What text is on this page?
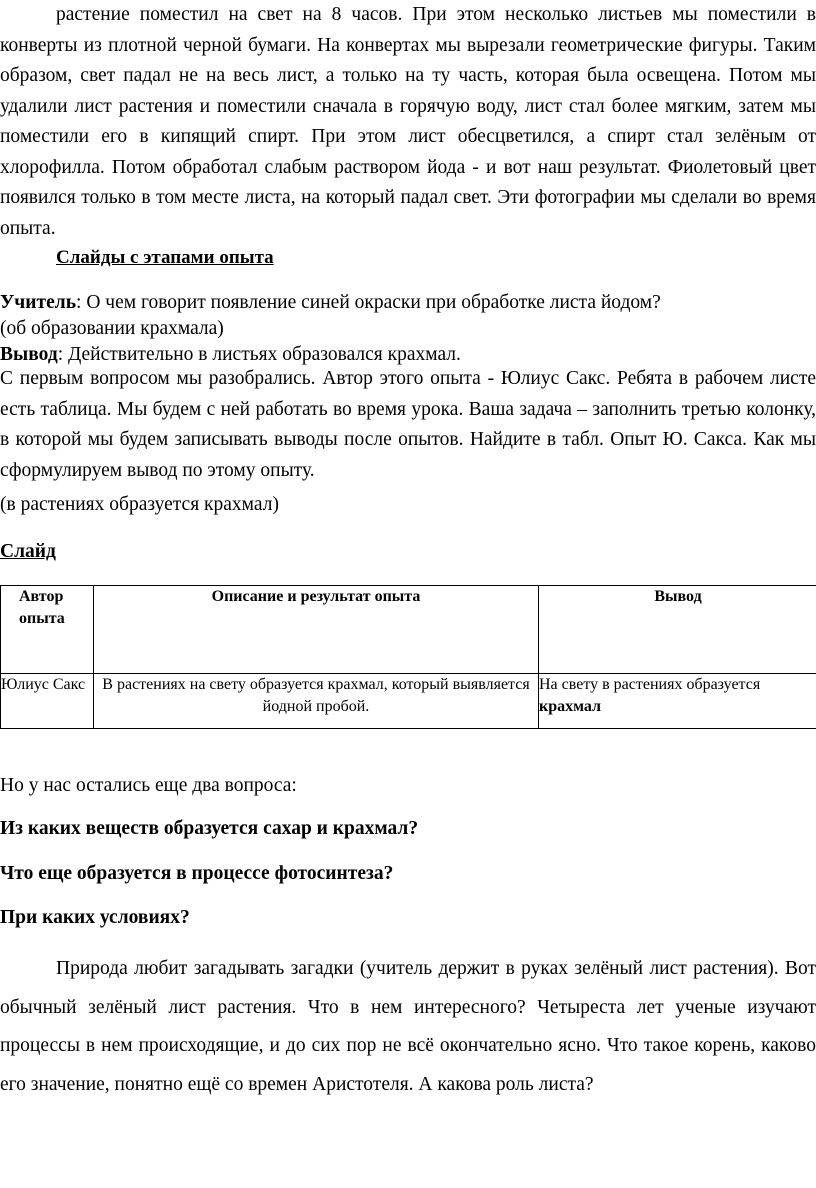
растение поместил на свет на 8 часов. При этом несколько листьев мы поместили в конверты из плотной черной бумаги. На конвертах мы вырезали геометрические фигуры. Таким образом, свет падал не на весь лист, а только на ту часть, которая была освещена. Потом мы удалили лист растения и поместили сначала в горячую воду, лист стал более мягким, затем мы поместили его в кипящий спирт. При этом лист обесцветился, а спирт стал зелёным от хлорофилла. Потом обработал слабым раствором йода - и вот наш результат. Фиолетовый цвет появился только в том месте листа, на который падал свет. Эти фотографии мы сделали во время опыта.

Слайды с этапами опыта

Учитель: О чем говорит появление синей окраски при обработке листа йодом?

(об образовании крахмала)

Вывод: Действительно в листьях образовался крахмал.

С первым вопросом мы разобрались. Автор этого опыта - Юлиус Сакс. Ребята в рабочем листе есть таблица. Мы будем с ней работать во время урока. Ваша задача – заполнить третью колонку, в которой мы будем записывать выводы после опытов. Найдите в табл. Опыт Ю. Сакса. Как мы сформулируем вывод по этому опыту.

(в растениях образуется крахмал)

Слайд

Автор опыта	Описание и результат опыта	Вывод
Юлиус Сакс	В растениях на свету образуется крахмал, который выявляется йодной пробой.	На свету в растениях образуется крахмал

Но у нас остались еще два вопроса:

Из каких веществ образуется сахар и крахмал?

Что еще образуется в процессе фотосинтеза?

При каких условиях?

Природа любит загадывать загадки (учитель держит в руках зелёный лист растения). Вот обычный зелёный лист растения. Что в нем интересного? Четыреста лет ученые изучают процессы в нем происходящие, и до сих пор не всё окончательно ясно. Что такое корень, каково его значение, понятно ещё со времен Аристотеля. А какова роль листа?
